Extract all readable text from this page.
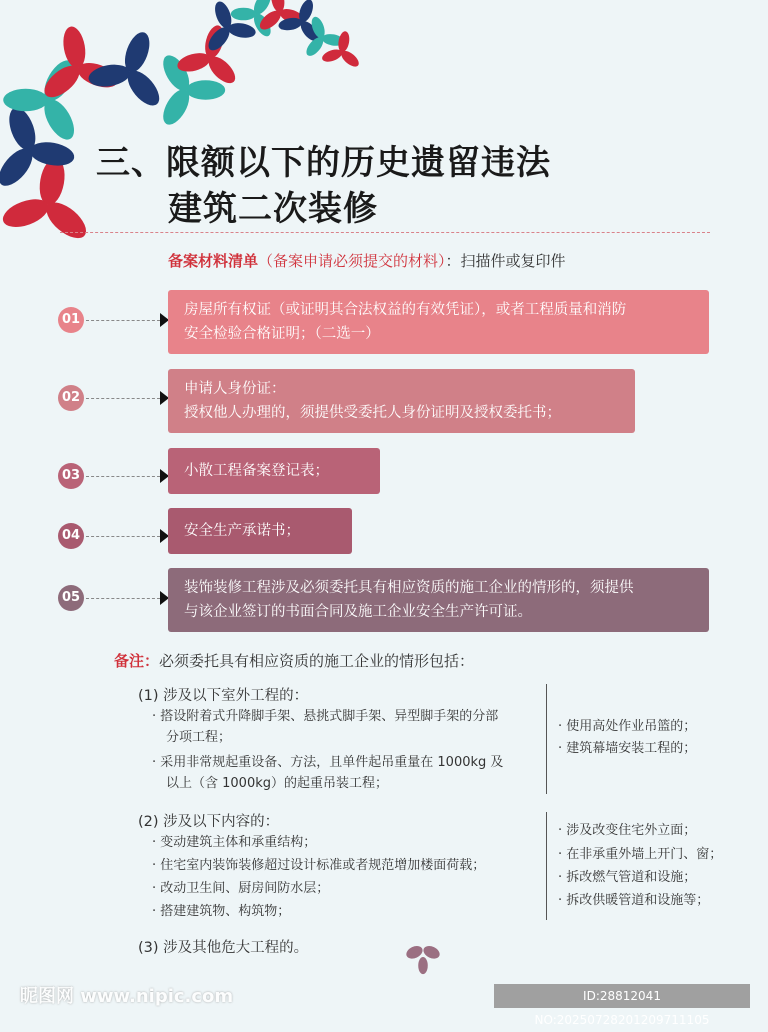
三、限额以下的历史遗留违法
建筑二次装修
备案材料清单（备案申请必须提交的材料）：扫描件或复印件
01
房屋所有权证（或证明其合法权益的有效凭证），或者工程质量和消防
安全检验合格证明；（二选一）
02
申请人身份证：
授权他人办理的，须提供受委托人身份证明及授权委托书；
03	小散工程备案登记表；
04	安全生产承诺书；
05
装饰装修工程涉及必须委托具有相应资质的施工企业的情形的，须提供
与该企业签订的书面合同及施工企业安全生产许可证。
备注：必须委托具有相应资质的施工企业的情形包括：
(1) 涉及以下室外工程的：
· 搭设附着式升降脚手架、悬挑式脚手架、异型脚手架的分部
分项工程；
· 采用非常规起重设备、方法，且单件起吊重量在 1000kg 及
以上（含 1000kg）的起重吊装工程；
· 使用高处作业吊篮的；
· 建筑幕墙安装工程的；
(2) 涉及以下内容的：
· 变动建筑主体和承重结构；
· 住宅室内装饰装修超过设计标准或者规范增加楼面荷载；
· 改动卫生间、厨房间防水层；
· 搭建建筑物、构筑物；
· 涉及改变住宅外立面；
· 在非承重外墙上开门、窗；
· 拆改燃气管道和设施；
· 拆改供暖管道和设施等；
(3) 涉及其他危大工程的。
昵图网 www.nipic.com	ID:28812041 NO:20250728201209711105
